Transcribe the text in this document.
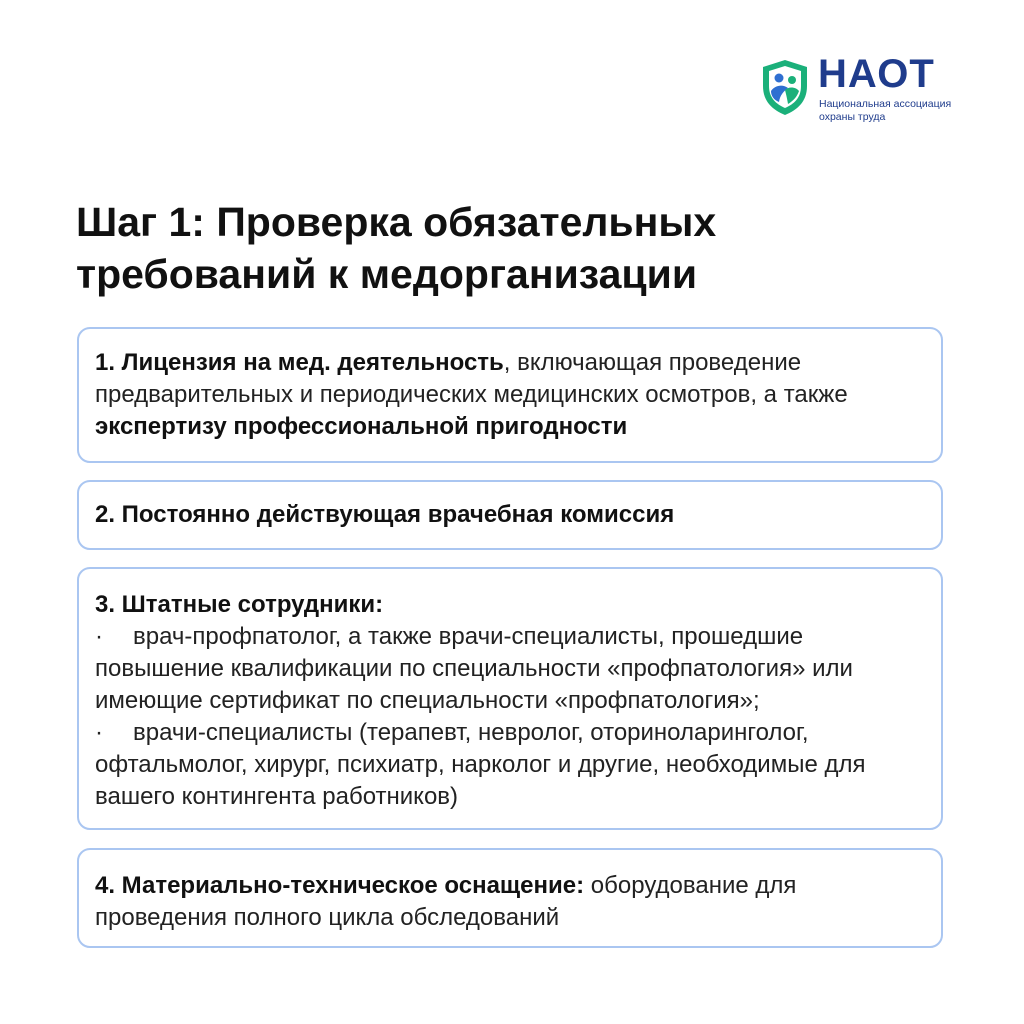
НАОТ
Национальная ассоциация
охраны труда
Шаг 1: Проверка обязательных
требований к медорганизации
1. Лицензия на мед. деятельность, включающая проведение предварительных и периодических медицинских осмотров, а также экспертизу профессиональной пригодности
2. Постоянно действующая врачебная комиссия
3. Штатные сотрудники:
· врач-профпатолог, а также врачи-специалисты, прошедшие повышение квалификации по специальности «профпатология» или имеющие сертификат по специальности «профпатология»;
· врачи-специалисты (терапевт, невролог, оториноларинголог, офтальмолог, хирург, психиатр, нарколог и другие, необходимые для вашего контингента работников)
4. Материально-техническое оснащение: оборудование для проведения полного цикла обследований
